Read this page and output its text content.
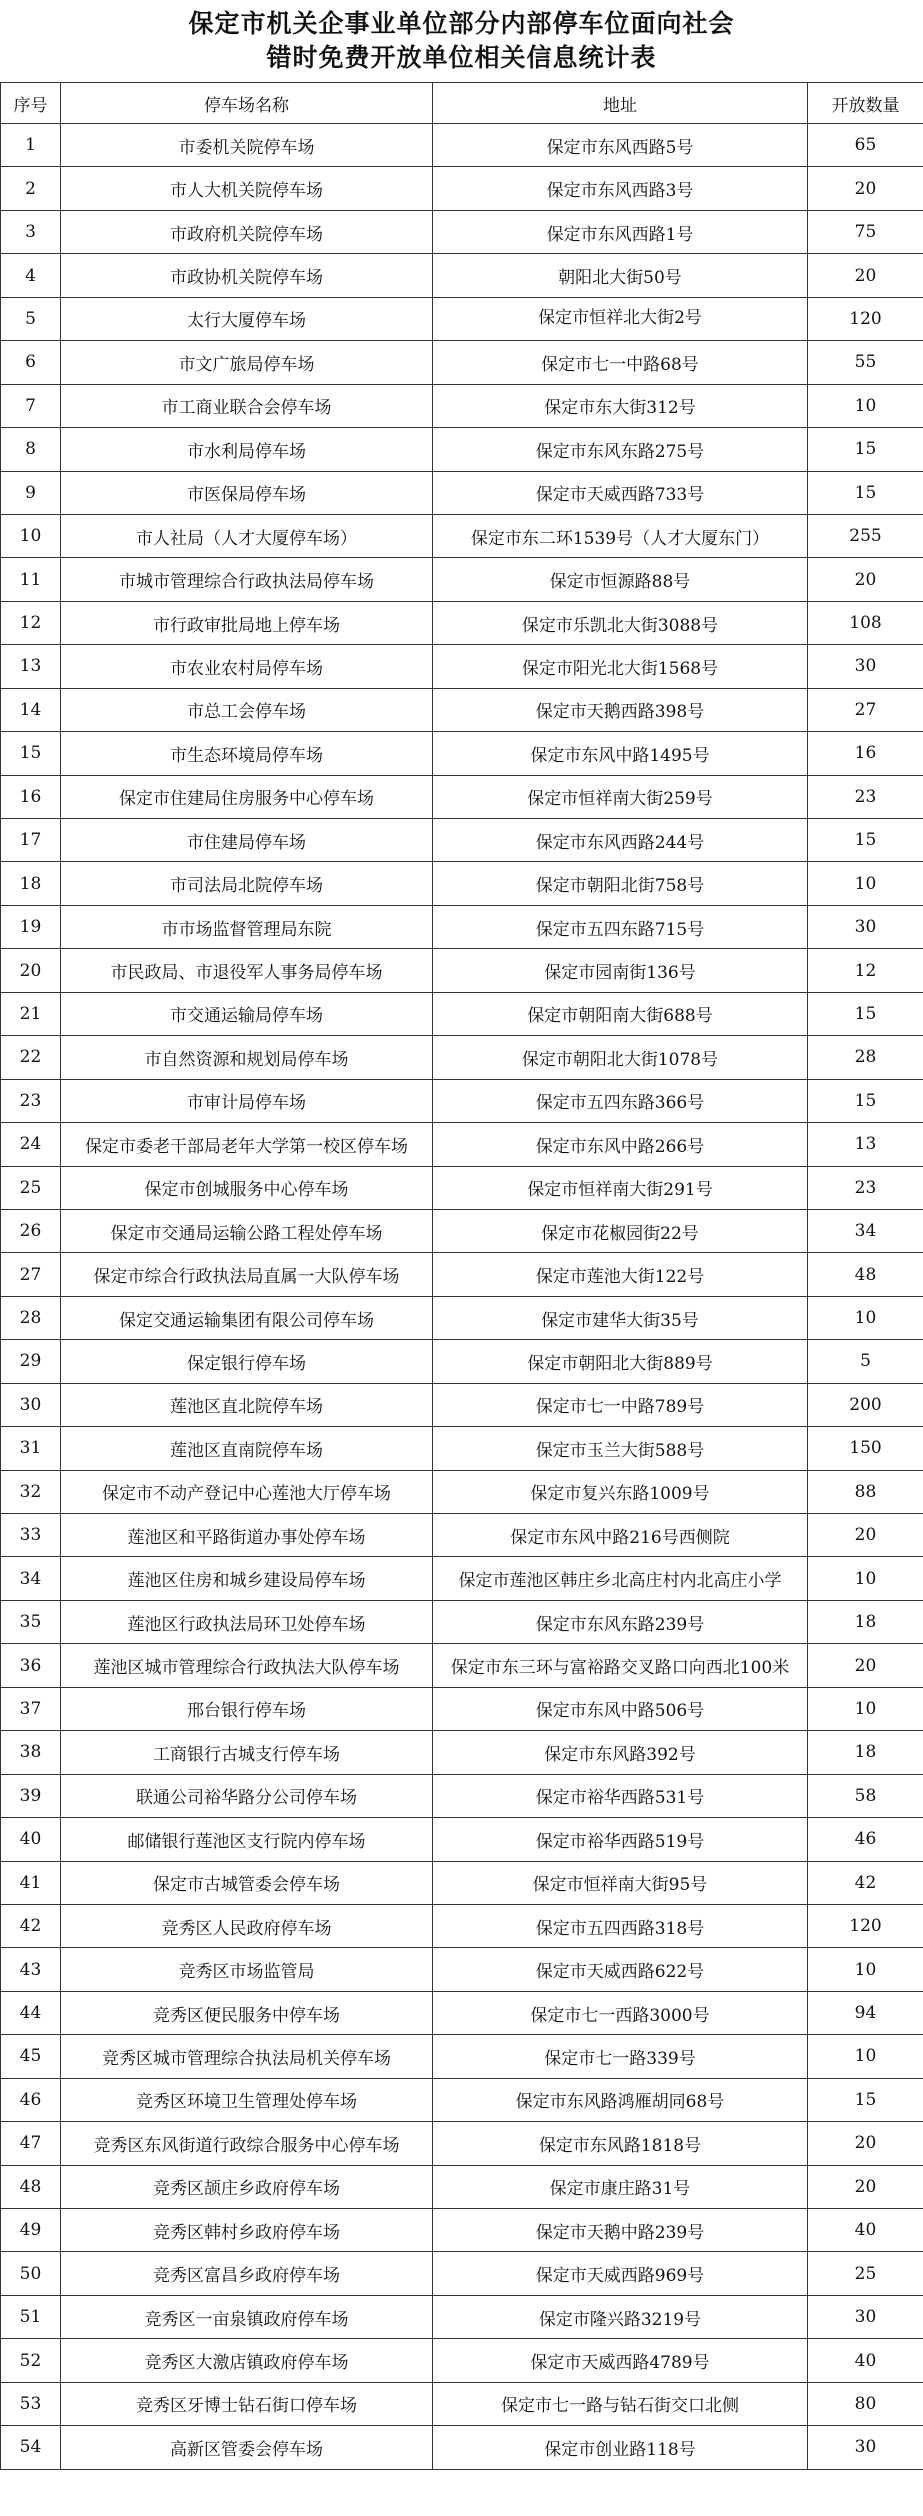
保定市机关企事业单位部分内部停车位面向社会
错时免费开放单位相关信息统计表
序号	停车场名称	地址	开放数量
1	市委机关院停车场	保定市东风西路5号	65
2	市人大机关院停车场	保定市东风西路3号	20
3	市政府机关院停车场	保定市东风西路1号	75
4	市政协机关院停车场	朝阳北大街50号	20
5	太行大厦停车场	保定市恒祥北大街2号	120
6	市文广旅局停车场	保定市七一中路68号	55
7	市工商业联合会停车场	保定市东大街312号	10
8	市水利局停车场	保定市东风东路275号	15
9	市医保局停车场	保定市天威西路733号	15
10	市人社局（人才大厦停车场）	保定市东二环1539号（人才大厦东门）	255
11	市城市管理综合行政执法局停车场	保定市恒源路88号	20
12	市行政审批局地上停车场	保定市乐凯北大街3088号	108
13	市农业农村局停车场	保定市阳光北大街1568号	30
14	市总工会停车场	保定市天鹅西路398号	27
15	市生态环境局停车场	保定市东风中路1495号	16
16	保定市住建局住房服务中心停车场	保定市恒祥南大街259号	23
17	市住建局停车场	保定市东风西路244号	15
18	市司法局北院停车场	保定市朝阳北街758号	10
19	市市场监督管理局东院	保定市五四东路715号	30
20	市民政局、市退役军人事务局停车场	保定市园南街136号	12
21	市交通运输局停车场	保定市朝阳南大街688号	15
22	市自然资源和规划局停车场	保定市朝阳北大街1078号	28
23	市审计局停车场	保定市五四东路366号	15
24	保定市委老干部局老年大学第一校区停车场	保定市东风中路266号	13
25	保定市创城服务中心停车场	保定市恒祥南大街291号	23
26	保定市交通局运输公路工程处停车场	保定市花椒园街22号	34
27	保定市综合行政执法局直属一大队停车场	保定市莲池大街122号	48
28	保定交通运输集团有限公司停车场	保定市建华大街35号	10
29	保定银行停车场	保定市朝阳北大街889号	5
30	莲池区直北院停车场	保定市七一中路789号	200
31	莲池区直南院停车场	保定市玉兰大街588号	150
32	保定市不动产登记中心莲池大厅停车场	保定市复兴东路1009号	88
33	莲池区和平路街道办事处停车场	保定市东风中路216号西侧院	20
34	莲池区住房和城乡建设局停车场	保定市莲池区韩庄乡北高庄村内北高庄小学	10
35	莲池区行政执法局环卫处停车场	保定市东风东路239号	18
36	莲池区城市管理综合行政执法大队停车场	保定市东三环与富裕路交叉路口向西北100米	20
37	邢台银行停车场	保定市东风中路506号	10
38	工商银行古城支行停车场	保定市东风路392号	18
39	联通公司裕华路分公司停车场	保定市裕华西路531号	58
40	邮储银行莲池区支行院内停车场	保定市裕华西路519号	46
41	保定市古城管委会停车场	保定市恒祥南大街95号	42
42	竞秀区人民政府停车场	保定市五四西路318号	120
43	竞秀区市场监管局	保定市天威西路622号	10
44	竞秀区便民服务中停车场	保定市七一西路3000号	94
45	竞秀区城市管理综合执法局机关停车场	保定市七一路339号	10
46	竞秀区环境卫生管理处停车场	保定市东风路鸿雁胡同68号	15
47	竞秀区东风街道行政综合服务中心停车场	保定市东风路1818号	20
48	竞秀区颉庄乡政府停车场	保定市康庄路31号	20
49	竞秀区韩村乡政府停车场	保定市天鹅中路239号	40
50	竞秀区富昌乡政府停车场	保定市天威西路969号	25
51	竞秀区一亩泉镇政府停车场	保定市隆兴路3219号	30
52	竞秀区大激店镇政府停车场	保定市天威西路4789号	40
53	竞秀区牙博士钻石街口停车场	保定市七一路与钻石街交口北侧	80
54	高新区管委会停车场	保定市创业路118号	30
